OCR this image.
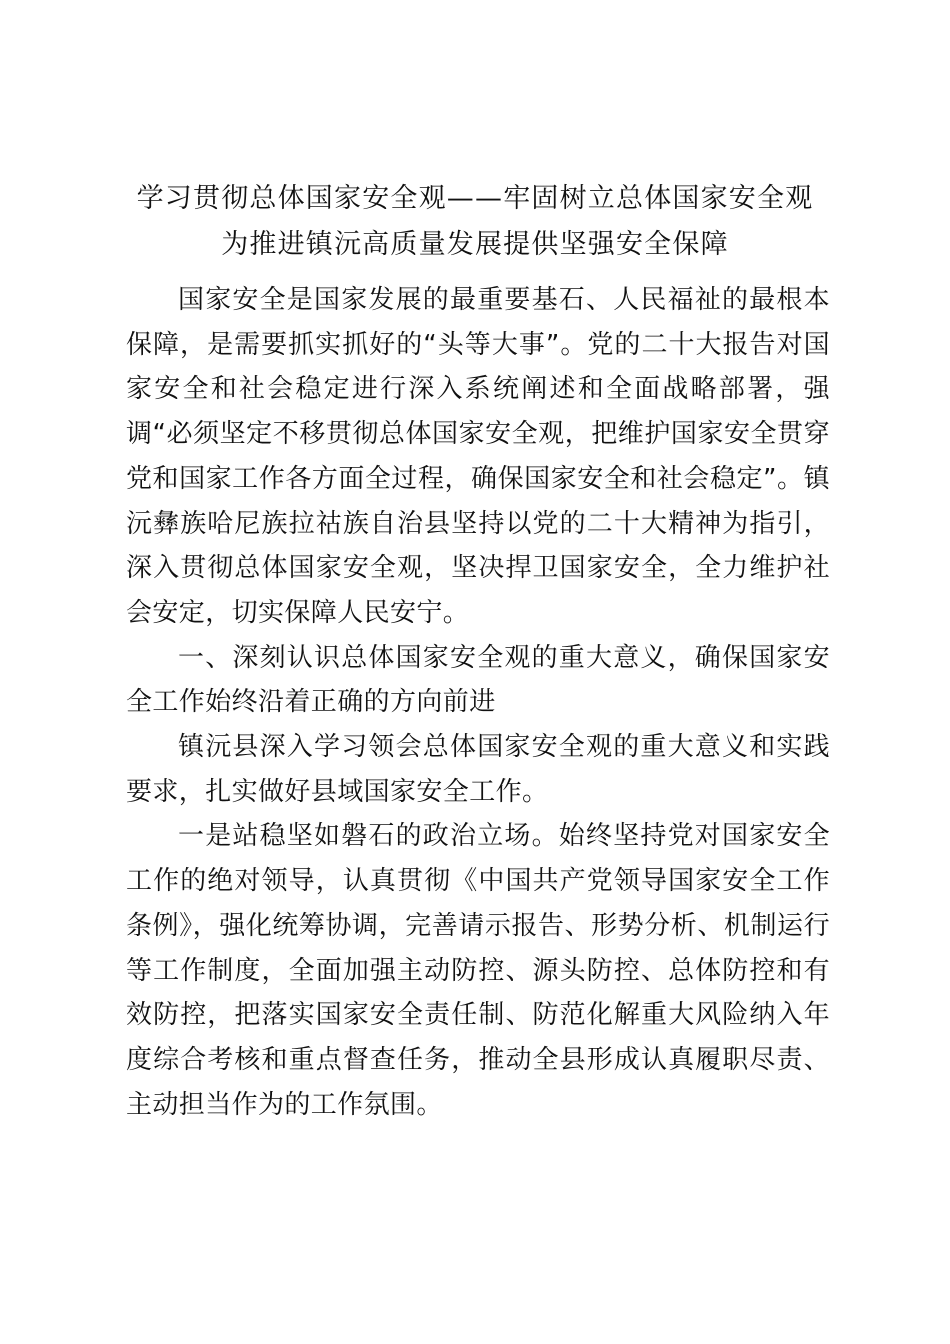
学习贯彻总体国家安全观——牢固树立总体国家安全观
为推进镇沅高质量发展提供坚强安全保障

国家安全是国家发展的最重要基石、人民福祉的最根本保障，是需要抓实抓好的“头等大事”。党的二十大报告对国家安全和社会稳定进行深入系统阐述和全面战略部署，强调“必须坚定不移贯彻总体国家安全观，把维护国家安全贯穿党和国家工作各方面全过程，确保国家安全和社会稳定”。镇沅彝族哈尼族拉祜族自治县坚持以党的二十大精神为指引，深入贯彻总体国家安全观，坚决捍卫国家安全，全力维护社会安定，切实保障人民安宁。

一、深刻认识总体国家安全观的重大意义，确保国家安全工作始终沿着正确的方向前进

镇沅县深入学习领会总体国家安全观的重大意义和实践要求，扎实做好县域国家安全工作。

一是站稳坚如磐石的政治立场。始终坚持党对国家安全工作的绝对领导，认真贯彻《中国共产党领导国家安全工作条例》，强化统筹协调，完善请示报告、形势分析、机制运行等工作制度，全面加强主动防控、源头防控、总体防控和有效防控，把落实国家安全责任制、防范化解重大风险纳入年度综合考核和重点督查任务，推动全县形成认真履职尽责、主动担当作为的工作氛围。
